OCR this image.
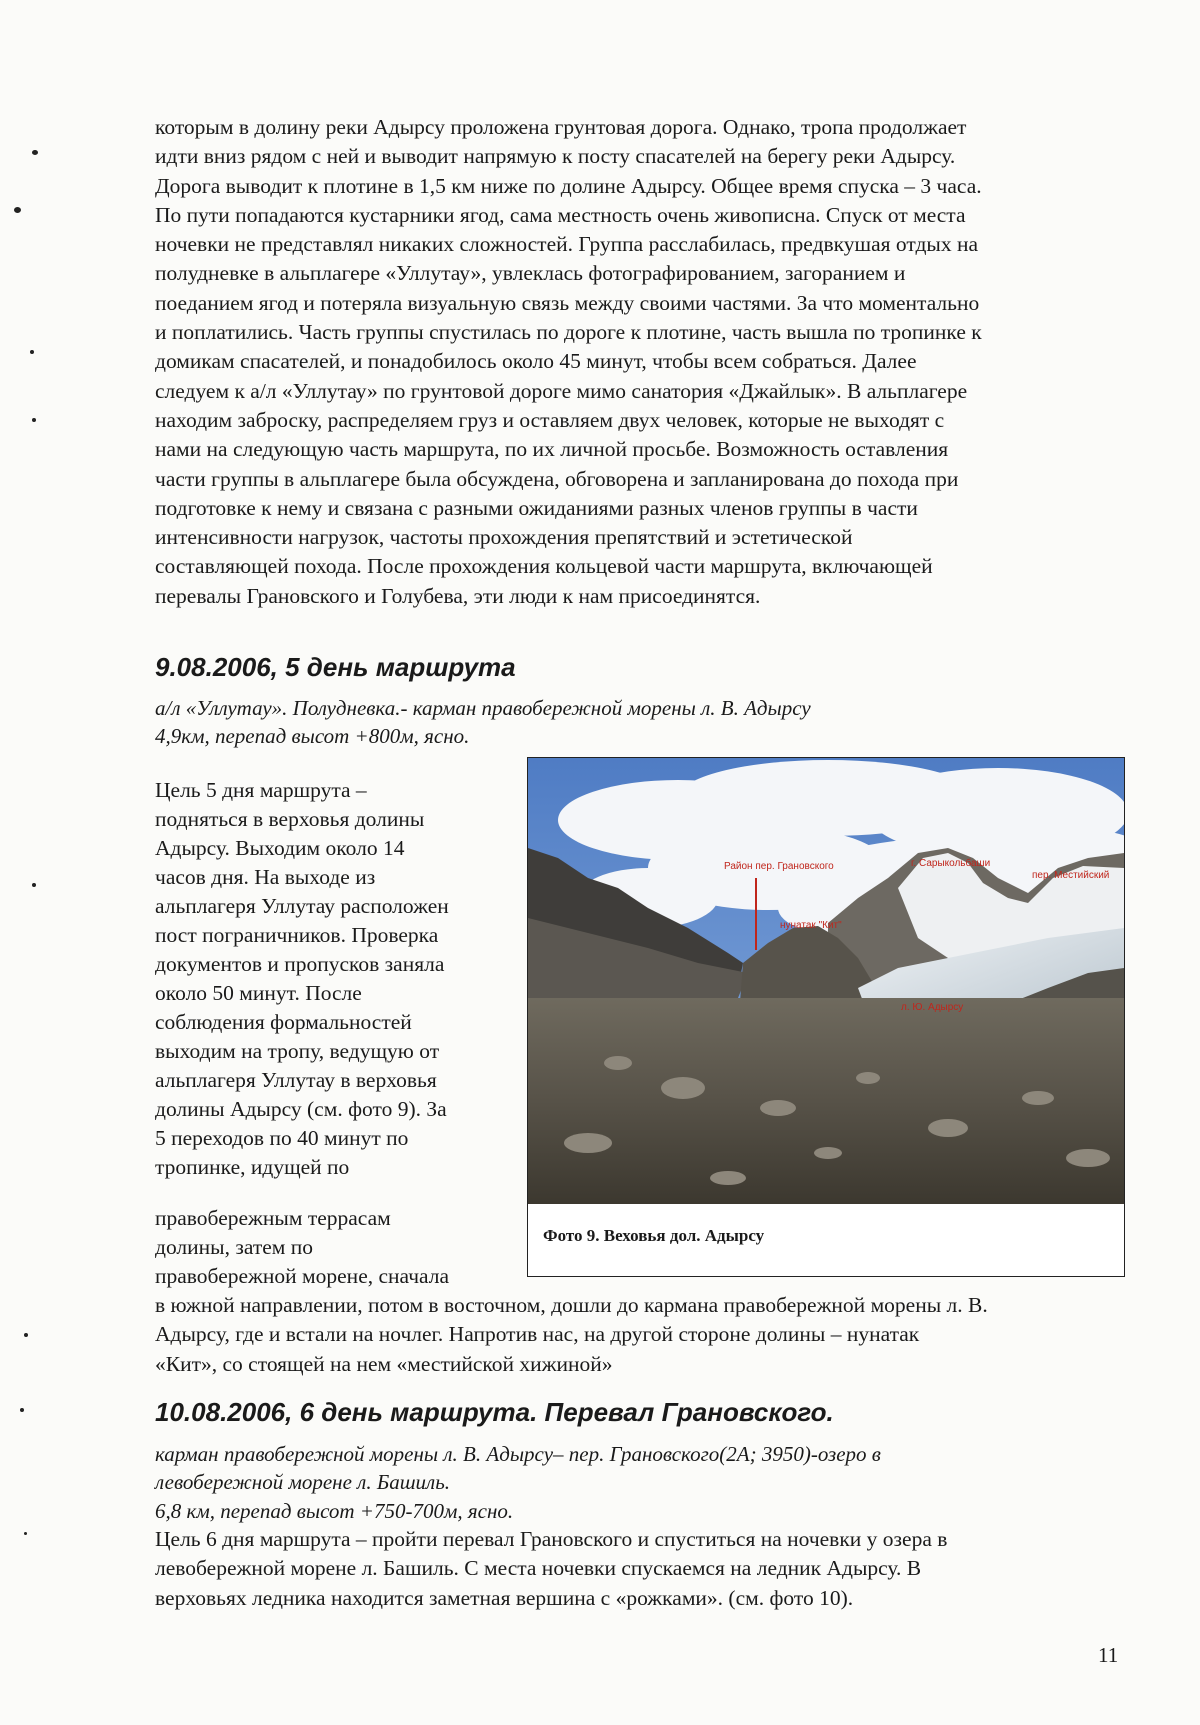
которым в долину реки Адырсу проложена грунтовая дорога. Однако, тропа продолжает
идти вниз рядом с ней и выводит напрямую к посту спасателей на берегу реки Адырсу.
Дорога выводит к плотине в 1,5 км ниже по долине Адырсу. Общее время спуска – 3 часа.
По пути попадаются кустарники ягод, сама местность очень живописна. Спуск от места
ночевки не представлял никаких сложностей. Группа расслабилась, предвкушая отдых на
полудневке в альплагере «Уллутау», увлеклась фотографированием, загоранием и
поеданием ягод и потеряла визуальную связь между своими частями. За что моментально
и поплатились. Часть группы спустилась по дороге к плотине, часть вышла по тропинке к
домикам спасателей, и понадобилось около 45 минут, чтобы всем собраться. Далее
следуем к а/л «Уллутау» по грунтовой дороге мимо санатория «Джайлык». В альплагере
находим заброску, распределяем груз и оставляем двух человек, которые не выходят с
нами на следующую часть маршрута, по их личной просьбе. Возможность оставления
части группы в альплагере была обсуждена, обговорена и запланирована до похода при
подготовке к нему и связана с разными ожиданиями разных членов группы в части
интенсивности нагрузок, частоты прохождения препятствий и эстетической
составляющей похода. После прохождения кольцевой части маршрута, включающей
перевалы Грановского и Голубева, эти люди к нам присоединятся.
9.08.2006, 5 день маршрута
а/л «Уллутау». Полудневка.- карман правобережной морены л. В. Адырсу
4,9км, перепад высот +800м, ясно.
Цель 5 дня маршрута –
подняться в верховья долины
Адырсу. Выходим около 14
часов дня. На выходе из
альплагеря Уллутау расположен
пост пограничников. Проверка
документов и пропусков заняла
около 50 минут. После
соблюдения формальностей
выходим на тропу, ведущую от
альплагеря Уллутау в верховья
долины Адырсу (см. фото 9). За
5 переходов по 40 минут по
тропинке, идущей по
правобережным террасам
долины, затем по
правобережной морене, сначала
в южной направлении, потом в восточном, дошли до кармана правобережной морены л. В.
Адырсу, где и встали на ночлег. Напротив нас, на другой стороне долины – нунатак
«Кит», со стоящей на нем «местийской хижиной»
Район пер. Грановского	г. Сарыкольбаши
пер. Местийский
нунатак "Кит"
л. Ю. Адырсу
Фото 9. Веховья дол. Адырсу
10.08.2006, 6 день маршрута. Перевал Грановского.
карман правобережной морены л. В. Адырсу– пер. Грановского(2А; 3950)-озеро в
левобережной морене л. Башиль.
6,8 км, перепад высот +750-700м, ясно.
Цель 6 дня маршрута – пройти перевал Грановского и спуститься на ночевки у озера в
левобережной морене л. Башиль. С места ночевки спускаемся на ледник Адырсу. В
верховьях ледника находится заметная вершина с «рожками». (см. фото 10).
11
